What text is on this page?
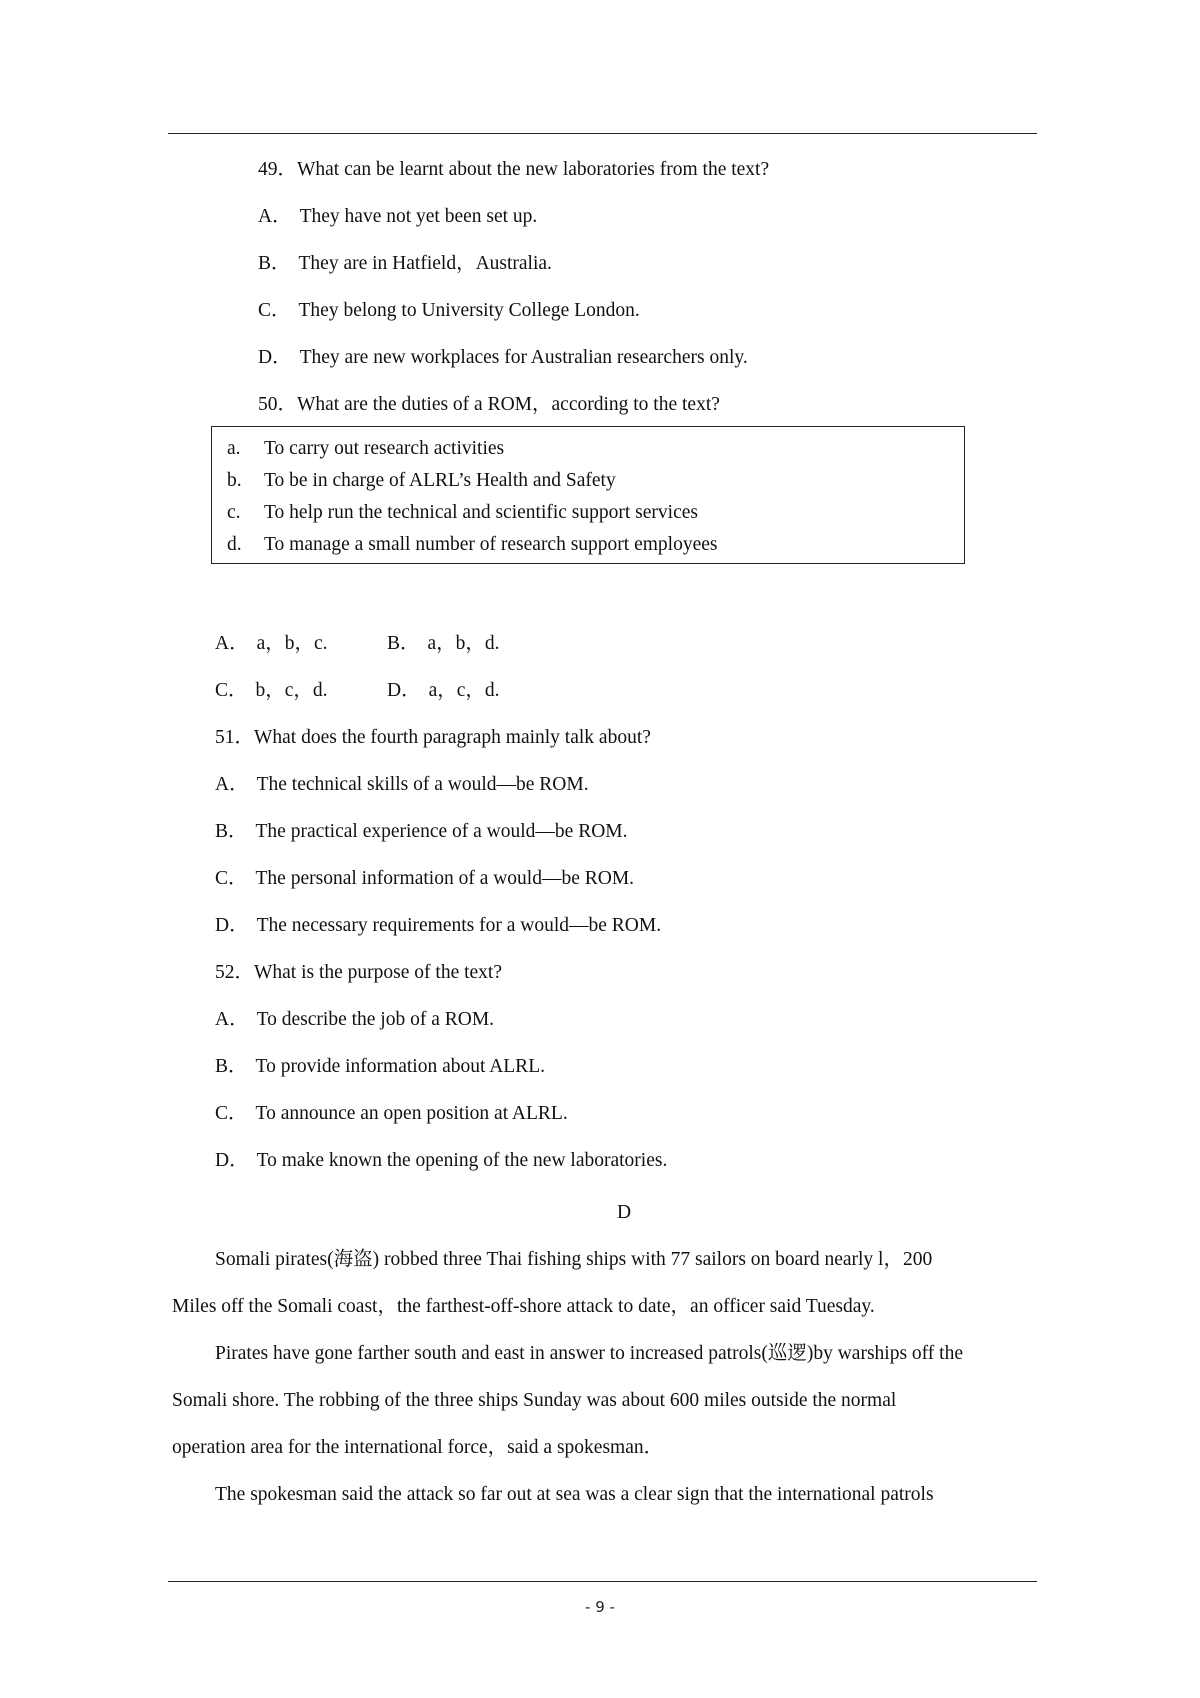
49．What can be learnt about the new laboratories from the text?
A． They have not yet been set up.
B． They are in Hatfield，Australia.
C． They belong to University College London.
D． They are new workplaces for Australian researchers only.
50．What are the duties of a ROM，according to the text?
a. To carry out research activities
b. To be in charge of ALRL’s Health and Safety
c. To help run the technical and scientific support services
d. To manage a small number of research support employees
A． a，b，c.	B． a，b，d.
C． b，c，d.	D． a，c，d.
51．What does the fourth paragraph mainly talk about?
A． The technical skills of a would—be ROM.
B． The practical experience of a would—be ROM.
C． The personal information of a would—be ROM.
D． The necessary requirements for a would—be ROM.
52．What is the purpose of the text?
A． To describe the job of a ROM.
B． To provide information about ALRL.
C． To announce an open position at ALRL.
D． To make known the opening of the new laboratories.
D
Somali pirates(海盗) robbed three Thai fishing ships with 77 sailors on board nearly l，200
Miles off the Somali coast，the farthest-off-shore attack to date，an officer said Tuesday.
Pirates have gone farther south and east in answer to increased patrols(巡逻)by warships off the
Somali shore. The robbing of the three ships Sunday was about 600 miles outside the normal
operation area for the international force，said a spokesman．
The spokesman said the attack so far out at sea was a clear sign that the international patrols
- 9 -
